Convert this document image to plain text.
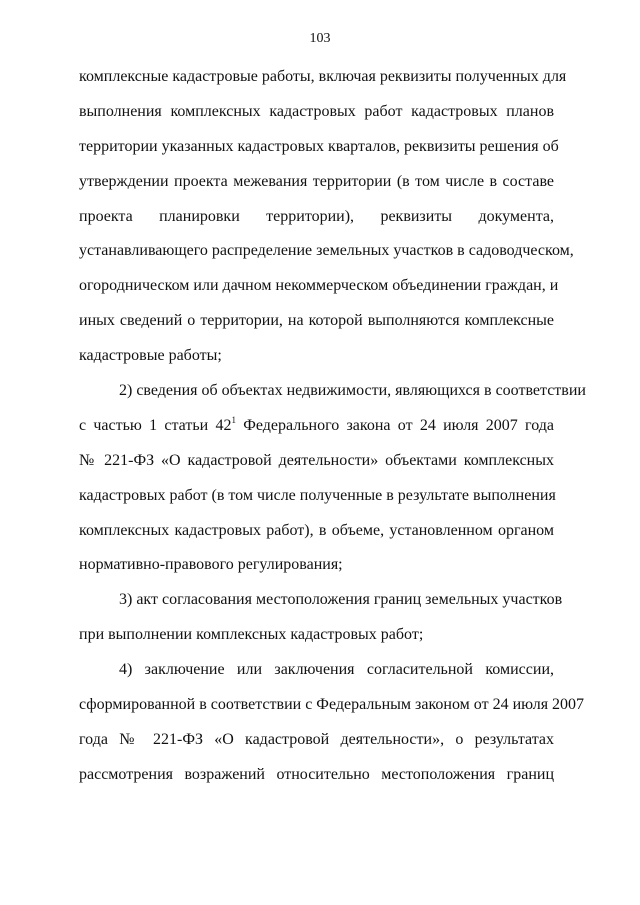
103
комплексные кадастровые работы, включая реквизиты полученных для
выполнения комплексных кадастровых работ кадастровых планов
территории указанных кадастровых кварталов, реквизиты решения об
утверждении проекта межевания территории (в том числе в составе
проекта планировки территории), реквизиты документа,
устанавливающего распределение земельных участков в садоводческом,
огородническом или дачном некоммерческом объединении граждан, и
иных сведений о территории, на которой выполняются комплексные
кадастровые работы;
2) сведения об объектах недвижимости, являющихся в соответствии
с частью 1 статьи $42^1$ Федерального закона от 24 июля 2007 года
№ 221-ФЗ «О кадастровой деятельности» объектами комплексных
кадастровых работ (в том числе полученные в результате выполнения
комплексных кадастровых работ), в объеме, установленном органом
нормативно-правового регулирования;
3) акт согласования местоположения границ земельных участков
при выполнении комплексных кадастровых работ;
4) заключение или заключения согласительной комиссии,
сформированной в соответствии с Федеральным законом от 24 июля 2007
года № 221-ФЗ «О кадастровой деятельности», о результатах
рассмотрения возражений относительно местоположения границ
